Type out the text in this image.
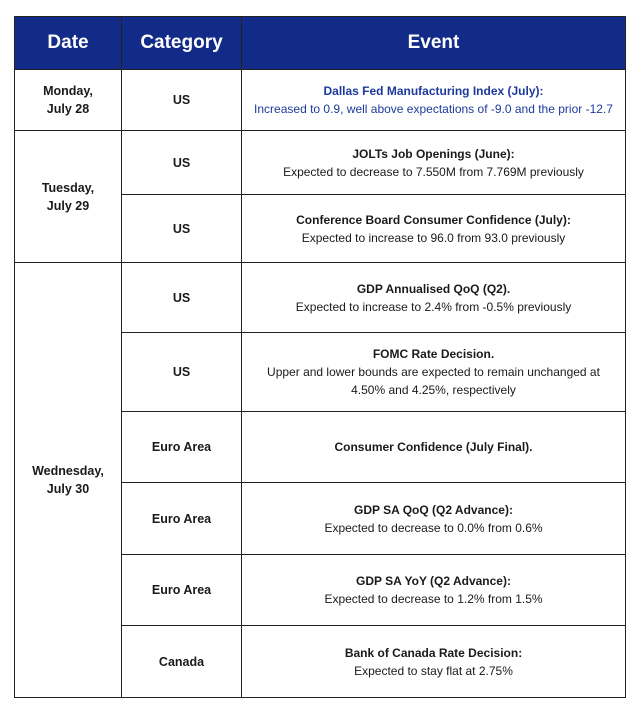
Date	Category	Event
Monday,
July 28	US	Dallas Fed Manufacturing Index (July):
Increased to 0.9, well above expectations of -9.0 and the prior -12.7

Tuesday,
July 29	US	JOLTs Job Openings (June):
Expected to decrease to 7.550M from 7.769M previously

	US	Conference Board Consumer Confidence (July):
Expected to increase to 96.0 from 93.0 previously

Wednesday,
July 30	US	GDP Annualised QoQ (Q2).
Expected to increase to 2.4% from -0.5% previously

	US	FOMC Rate Decision.
Upper and lower bounds are expected to remain unchanged at 4.50% and 4.25%, respectively

	Euro Area	Consumer Confidence (July Final).

	Euro Area	GDP SA QoQ (Q2 Advance):
Expected to decrease to 0.0% from 0.6%

	Euro Area	GDP SA YoY (Q2 Advance):
Expected to decrease to 1.2% from 1.5%

	Canada	Bank of Canada Rate Decision:
Expected to stay flat at 2.75%
